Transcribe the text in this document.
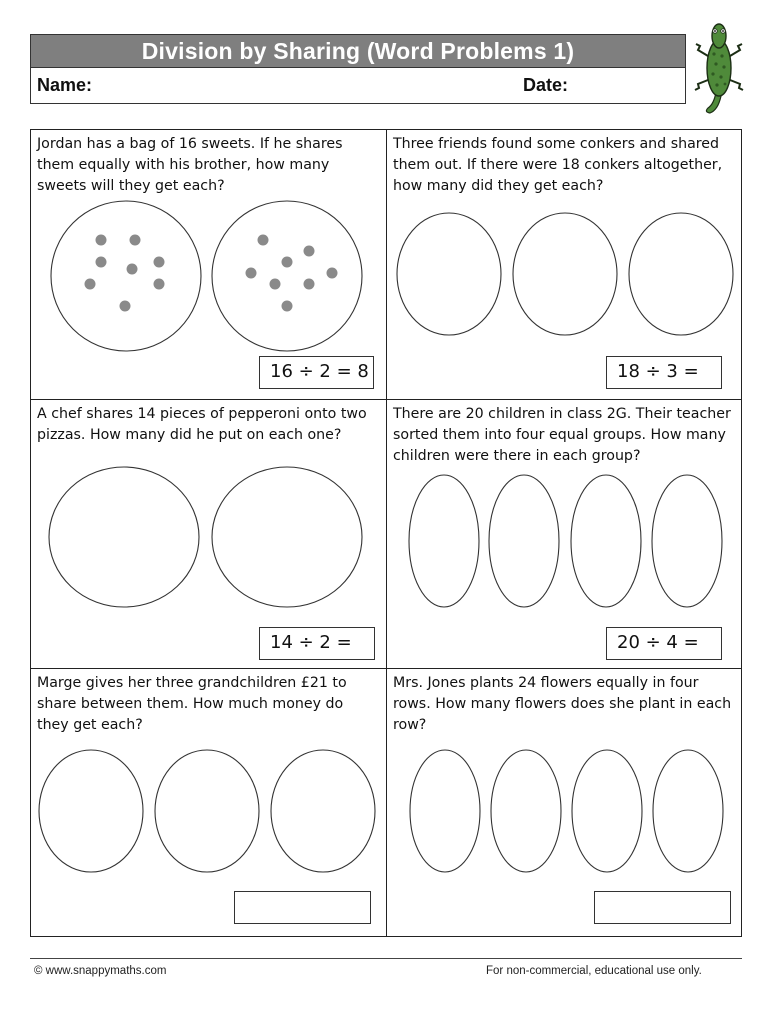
Division by Sharing (Word Problems 1)
Name:	Date:
Jordan has a bag of 16 sweets. If he shares them equally with his brother, how many sweets will they get each?
16 ÷ 2 = 8
Three friends found some conkers and shared them out. If there were 18 conkers altogether, how many did they get each?
18 ÷ 3 =
A chef shares 14 pieces of pepperoni onto two pizzas. How many did he put on each one?
14 ÷ 2 =
There are 20 children in class 2G. Their teacher sorted them into four equal groups. How many children were there in each group?
20 ÷ 4 =
Marge gives her three grandchildren £21 to share between them. How much money do they get each?
Mrs. Jones plants 24 flowers equally in four rows. How many flowers does she plant in each row?
© www.snappymaths.com	For non-commercial, educational use only.
